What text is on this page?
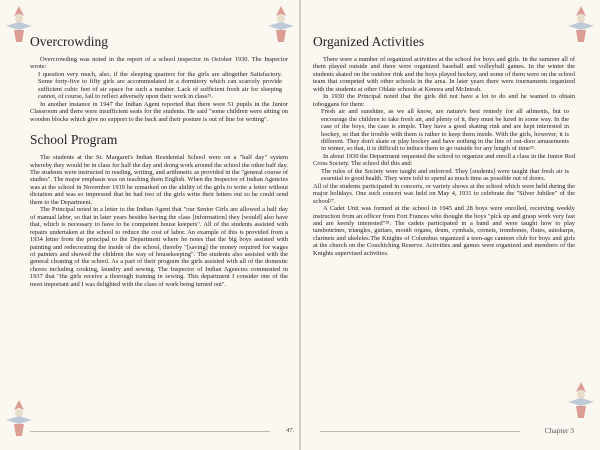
Overcrowding

Overcrowding was noted in the report of a school inspector in October 1930. The Inspector wrote:

I question very much, also, if the sleeping quarters for the girls are altogether Satisfactory. Some forty-five to fifty girls are accommodated in a dormitory which can scarcely provide sufficient cubic feet of air space for such a number. Lack of sufficient fresh air for sleeping cannot, of course, fail to reflect adversely upon their work in class²⁵.

In another instance in 1947 the Indian Agent reported that there were 51 pupils in the Junior Classroom and there were insufficient seats for the students. He said "some children were sitting on wooden blocks which give no support to the back and their posture is out of line for writing".

School Program

The students at the St. Margaret's Indian Residential School were on a "half day" system whereby they would be in class for half the day and doing work around the school the other half day. The students were instructed in reading, writing, and arithmetic as provided in the "general course of studies". The major emphasis was on teaching them English. When the Inspector of Indian Agencies was at the school in November 1919 he remarked on the ability of the girls to write a letter without dictation and was so impressed that he had two of the girls write their letters out so he could send them to the Department.

The Principal noted in a letter to the Indian Agent that "our Senior Girls are allowed a half day of manual labor, so that in later years besides having the class [information] they [would] also have that, which is necessary to have to be competent house keepers". All of the students assisted with repairs undertaken at the school to reduce the cost of labor. An example of this is provided from a 1934 letter from the principal to the Department where he notes that the big boys assisted with painting and redecorating the inside of the school, thereby "[saving] the money required for wages of painters and showed the children the way of housekeeping". The students also assisted with the general cleaning of the school. As a part of their program the girls assisted with all of the domestic chores including cooking, laundry and sewing. The Inspector of Indian Agencies commented in 1937 that "the girls receive a thorough training in sewing. This department I consider one of the most important and I was delighted with the class of work being turned out".

Organized Activities

There were a number of organized activities at the school for boys and girls. In the summer all of them played outside and there were organized baseball and volleyball games. In the winter the students skated on the outdoor rink and the boys played hockey, and some of them were on the school team that competed with other schools in the area. In later years there were tournaments organized with the students at other Oblate schools at Kenora and McIntosh.

In 1930 the Principal noted that the girls did not have a lot to do and he wanted to obtain toboggans for them:

Fresh air and sunshine, as we all know, are nature's best remedy for all ailments, but to encourage the children to take fresh air, and plenty of it, they must be lured in some way. In the case of the boys, the case is simple. They have a good skating rink and are kept interested in hockey, so that the trouble with them is rather to keep them inside. With the girls, however, it is different. They don't skate or play hockey and have nothing in the line of out-door amusements in winter, so that, it is difficult to induce them to go outside for any length of time²⁶.

In about 1930 the Department requested the school to organize and enroll a class in the Junior Red Cross Society. The school did this and:

The rules of the Society were taught and enforced. They [students] were taught that fresh air is essential to good health. They were told to spend as much time as possible out of doors.

All of the students participated in concerts, or variety shows at the school which were held during the major holidays. One such concert was held on May 4, 1931 to celebrate the "Silver Jubilee" of the school²⁷.

A Cadet Unit was formed at the school in 1945 and 28 boys were enrolled, receiving weekly instruction from an officer from Fort Frances who thought the boys "pick up and grasp work very fast and are keenly interested"²⁸. The cadets participated in a band and were taught how to play tambourines, triangles, guitars, mouth organs, drum, cymbals, cornets, trombones, flutes, autoharps, clarinets and ukeleles.The Knights of Columbus organized a teen-age canteen club for boys and girls at the church on the Couchiching Reserve. Activities and games were organized and members of the Knights supervised activities.

47.	Chapter 3
